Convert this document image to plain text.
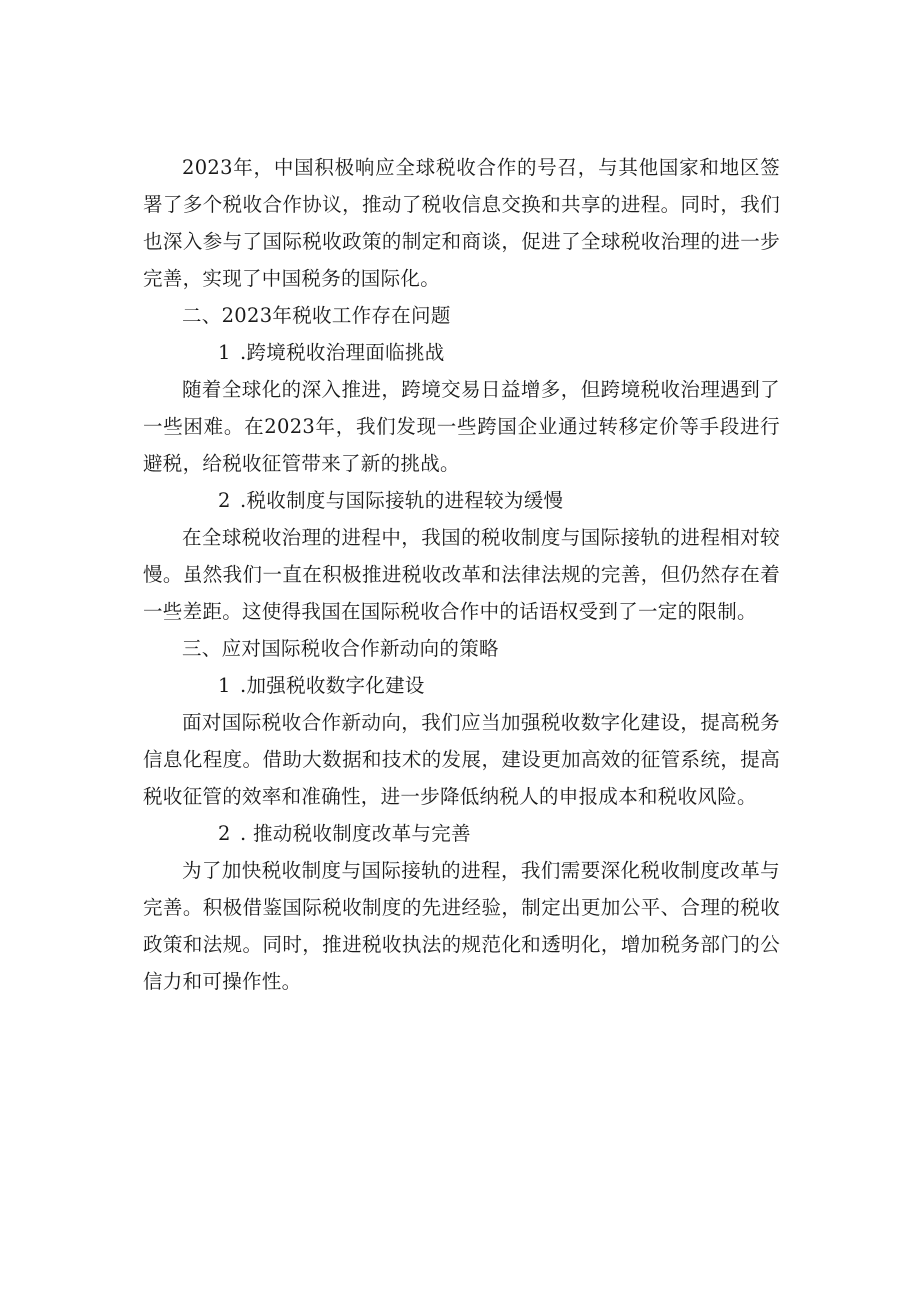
2023年，中国积极响应全球税收合作的号召，与其他国家和地区签署了多个税收合作协议，推动了税收信息交换和共享的进程。同时，我们也深入参与了国际税收政策的制定和商谈，促进了全球税收治理的进一步完善，实现了中国税务的国际化。

二、2023年税收工作存在问题

1 .跨境税收治理面临挑战

随着全球化的深入推进，跨境交易日益增多，但跨境税收治理遇到了一些困难。在2023年，我们发现一些跨国企业通过转移定价等手段进行避税，给税收征管带来了新的挑战。

2 .税收制度与国际接轨的进程较为缓慢

在全球税收治理的进程中，我国的税收制度与国际接轨的进程相对较慢。虽然我们一直在积极推进税收改革和法律法规的完善，但仍然存在着一些差距。这使得我国在国际税收合作中的话语权受到了一定的限制。

三、应对国际税收合作新动向的策略

1 .加强税收数字化建设

面对国际税收合作新动向，我们应当加强税收数字化建设，提高税务信息化程度。借助大数据和技术的发展，建设更加高效的征管系统，提高税收征管的效率和准确性，进一步降低纳税人的申报成本和税收风险。

2 . 推动税收制度改革与完善

为了加快税收制度与国际接轨的进程，我们需要深化税收制度改革与完善。积极借鉴国际税收制度的先进经验，制定出更加公平、合理的税收政策和法规。同时，推进税收执法的规范化和透明化，增加税务部门的公信力和可操作性。
